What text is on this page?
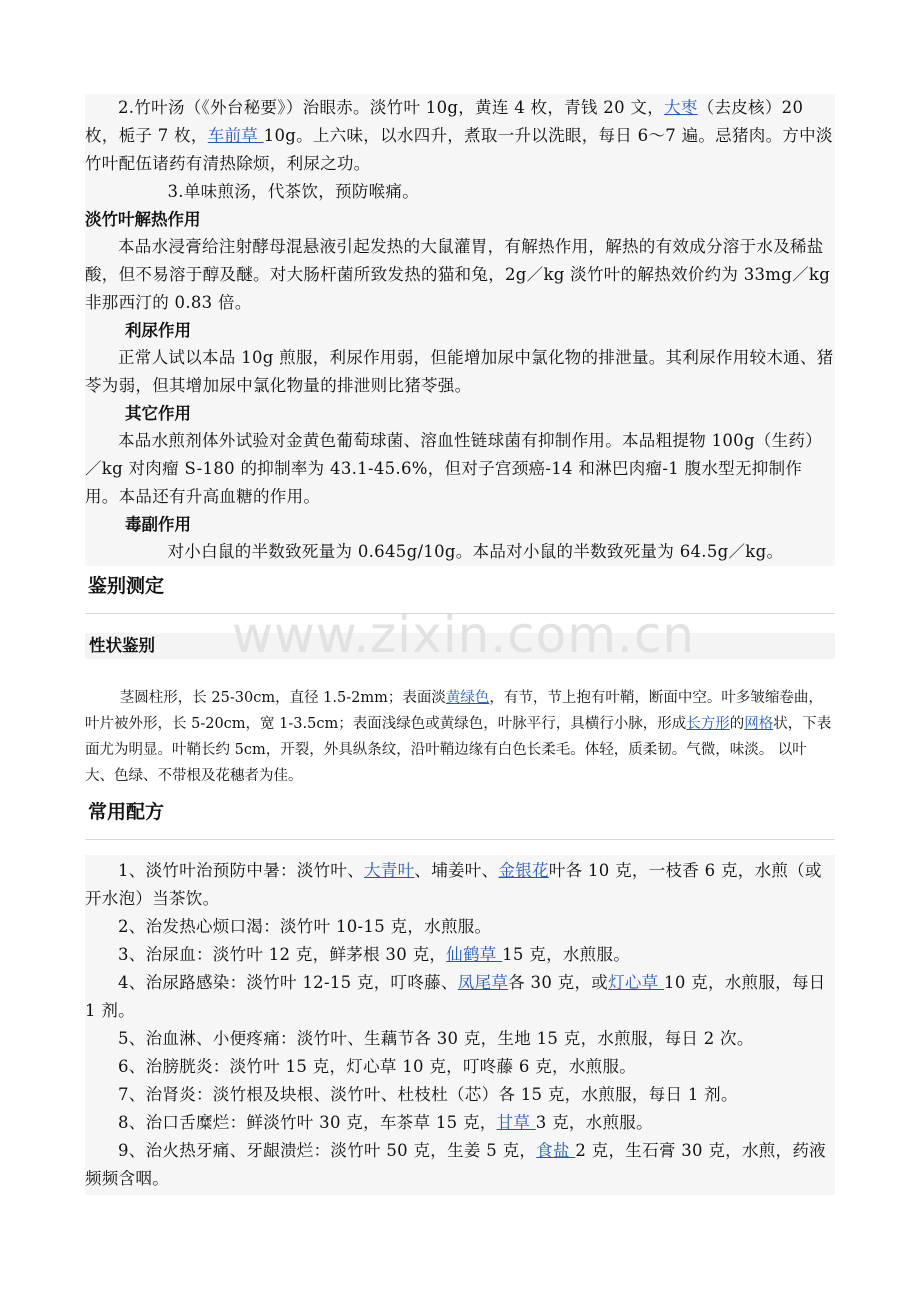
2.竹叶汤（《外台秘要》）治眼赤。淡竹叶 10g，黄连 4 枚，青钱 20 文，大枣（去皮核）20 枚，栀子 7 枚，车前草 10g。上六味，以水四升，煮取一升以洗眼，每日 6～7 遍。忌猪肉。方中淡竹叶配伍诸药有清热除烦，利尿之功。

3.单味煎汤，代茶饮，预防喉痛。

淡竹叶解热作用

本品水浸膏给注射酵母混悬液引起发热的大鼠灌胃，有解热作用，解热的有效成分溶于水及稀盐酸，但不易溶于醇及醚。对大肠杆菌所致发热的猫和兔，2g／kg 淡竹叶的解热效价约为 33mg／kg 非那西汀的 0.83 倍。

利尿作用

正常人试以本品 10g 煎服，利尿作用弱，但能增加尿中氯化物的排泄量。其利尿作用较木通、猪苓为弱，但其增加尿中氯化物量的排泄则比猪苓强。

其它作用

本品水煎剂体外试验对金黄色葡萄球菌、溶血性链球菌有抑制作用。本品粗提物 100g（生药） ／kg 对肉瘤 S-180 的抑制率为 43.1-45.6%，但对子宫颈癌-14 和淋巴肉瘤-1 腹水型无抑制作用。本品还有升高血糖的作用。

毒副作用

对小白鼠的半数致死量为 0.645g/10g。本品对小鼠的半数致死量为 64.5g／kg。

鉴别测定
性状鉴别	www.zixin.com.cn

茎圆柱形，长 25-30cm，直径 1.5-2mm；表面淡黄绿色，有节，节上抱有叶鞘，断面中空。叶多皱缩卷曲，叶片被外形，长 5-20cm，宽 1-3.5cm；表面浅绿色或黄绿色，叶脉平行，具横行小脉，形成长方形的网格状，下表面尤为明显。叶鞘长约 5cm，开裂，外具纵条纹，沿叶鞘边缘有白色长柔毛。体轻，质柔韧。气微，味淡。 以叶大、色绿、不带根及花穗者为佳。

常用配方

1、淡竹叶治预防中暑：淡竹叶、大青叶、埔姜叶、金银花叶各 10 克，一枝香 6 克，水煎（或开水泡）当茶饮。

2、治发热心烦口渴：淡竹叶 10-15 克，水煎服。

3、治尿血：淡竹叶 12 克，鲜茅根 30 克，仙鹤草 15 克，水煎服。

4、治尿路感染：淡竹叶 12-15 克，叮咚藤、凤尾草各 30 克，或灯心草 10 克，水煎服，每日 1 剂。

5、治血淋、小便疼痛：淡竹叶、生藕节各 30 克，生地 15 克，水煎服，每日 2 次。

6、治膀胱炎：淡竹叶 15 克，灯心草 10 克，叮咚藤 6 克，水煎服。

7、治肾炎：淡竹根及块根、淡竹叶、杜枝杜（芯）各 15 克，水煎服，每日 1 剂。

8、治口舌糜烂：鲜淡竹叶 30 克，车茶草 15 克，甘草 3 克，水煎服。

9、治火热牙痛、牙龈溃烂：淡竹叶 50 克，生姜 5 克，食盐 2 克，生石膏 30 克，水煎，药液频频含咽。
